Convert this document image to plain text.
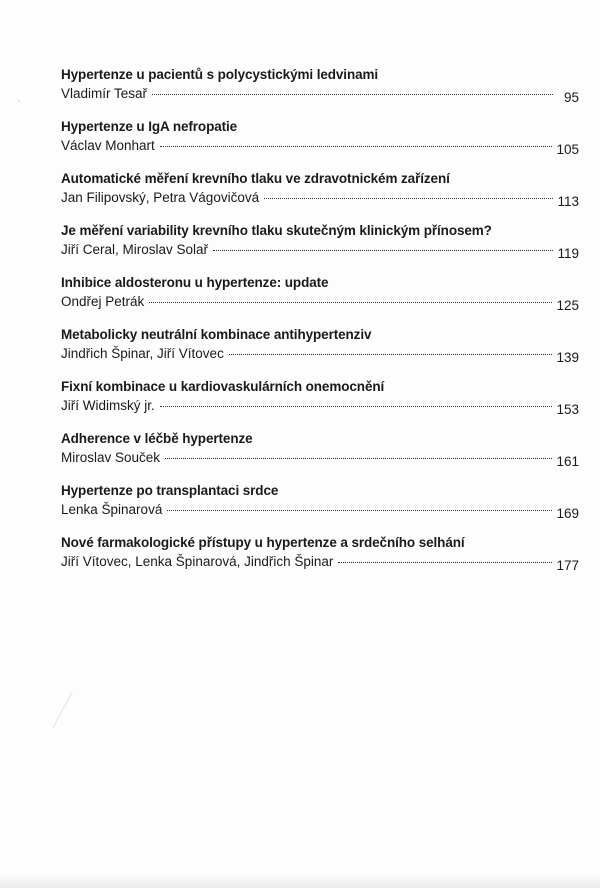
Hypertenze u pacientů s polycystickými ledvinami
Vladimír Tesař	95
Hypertenze u IgA nefropatie
Václav Monhart	105
Automatické měření krevního tlaku ve zdravotnickém zařízení
Jan Filipovský, Petra Vágovičová	113
Je měření variability krevního tlaku skutečným klinickým přínosem?
Jiří Ceral, Miroslav Solař	119
Inhibice aldosteronu u hypertenze: update
Ondřej Petrák	125
Metabolicky neutrální kombinace antihypertenziv
Jindřich Špinar, Jiří Vítovec	139
Fixní kombinace u kardiovaskulárních onemocnění
Jiří Widimský jr.	153
Adherence v léčbě hypertenze
Miroslav Souček	161
Hypertenze po transplantaci srdce
Lenka Špinarová	169
Nové farmakologické přístupy u hypertenze a srdečního selhání
Jiří Vítovec, Lenka Špinarová, Jindřich Špinar	177
